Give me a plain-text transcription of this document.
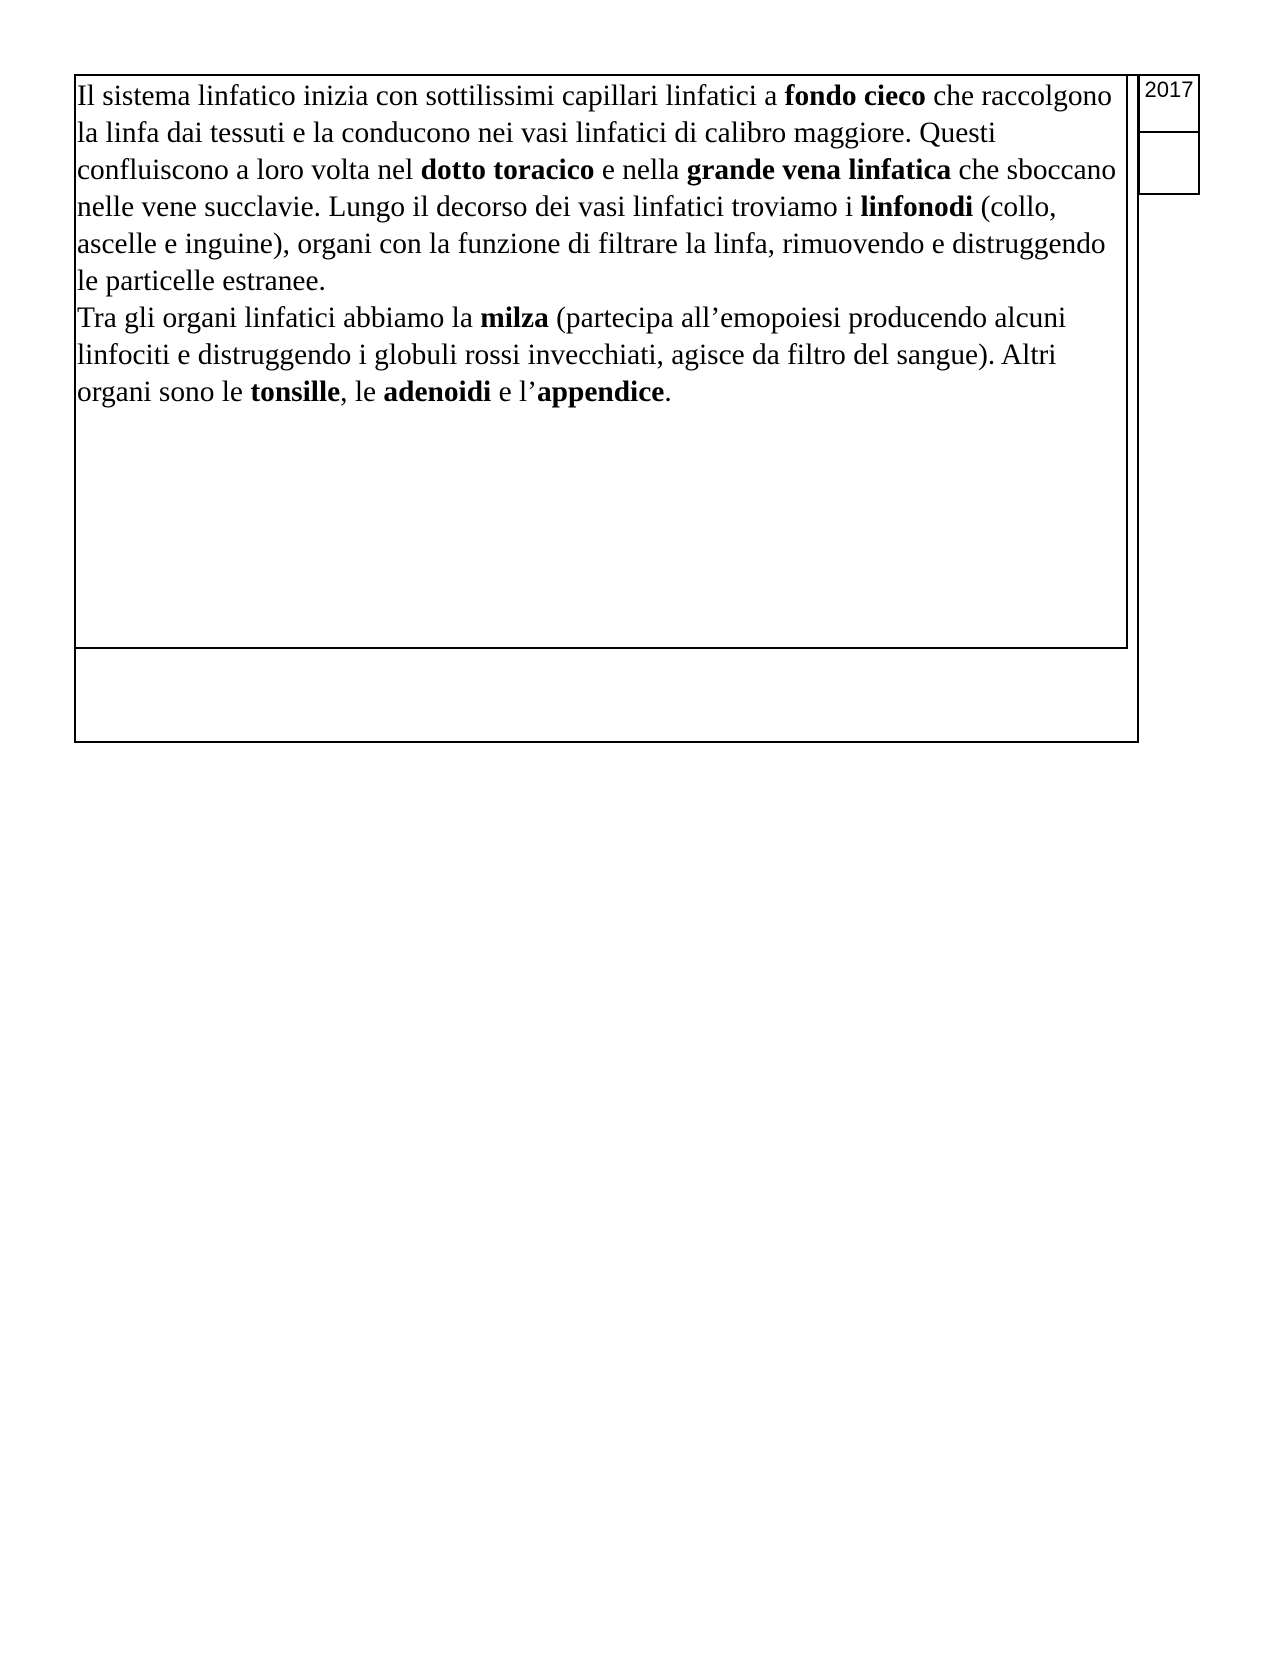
Il sistema linfatico inizia con sottilissimi capillari linfatici a fondo cieco che raccolgono la linfa dai tessuti e la conducono nei vasi linfatici di calibro maggiore. Questi confluiscono a loro volta nel dotto toracico e nella grande vena linfatica che sboccano nelle vene succlavie. Lungo il decorso dei vasi linfatici troviamo i linfonodi (collo, ascelle e inguine), organi con la funzione di filtrare la linfa, rimuovendo e distruggendo le particelle estranee.

Tra gli organi linfatici abbiamo la milza (partecipa all’emopoiesi producendo alcuni linfociti e distruggendo i globuli rossi invecchiati, agisce da filtro del sangue). Altri organi sono le tonsille, le adenoidi e l’appendice.

2017
